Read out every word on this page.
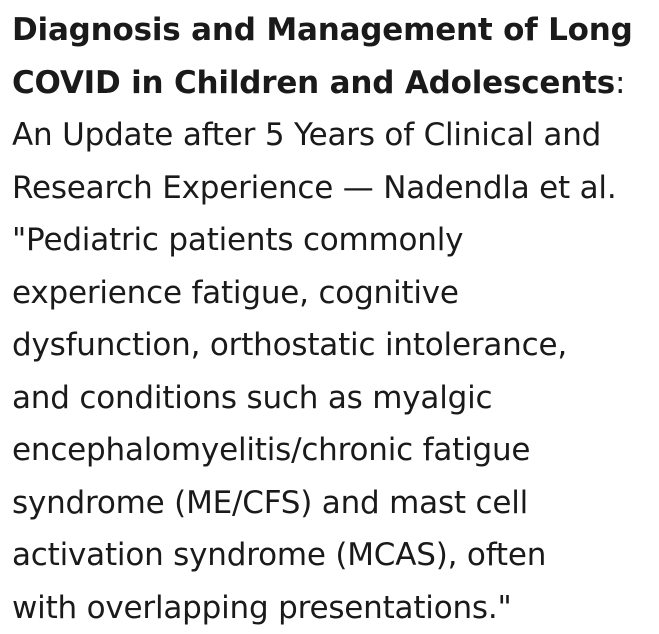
Diagnosis and Management of Long
COVID in Children and Adolescents:
An Update after 5 Years of Clinical and
Research Experience — Nadendla et al.
"Pediatric patients commonly
experience fatigue, cognitive
dysfunction, orthostatic intolerance,
and conditions such as myalgic
encephalomyelitis/chronic fatigue
syndrome (ME/CFS) and mast cell
activation syndrome (MCAS), often
with overlapping presentations."
